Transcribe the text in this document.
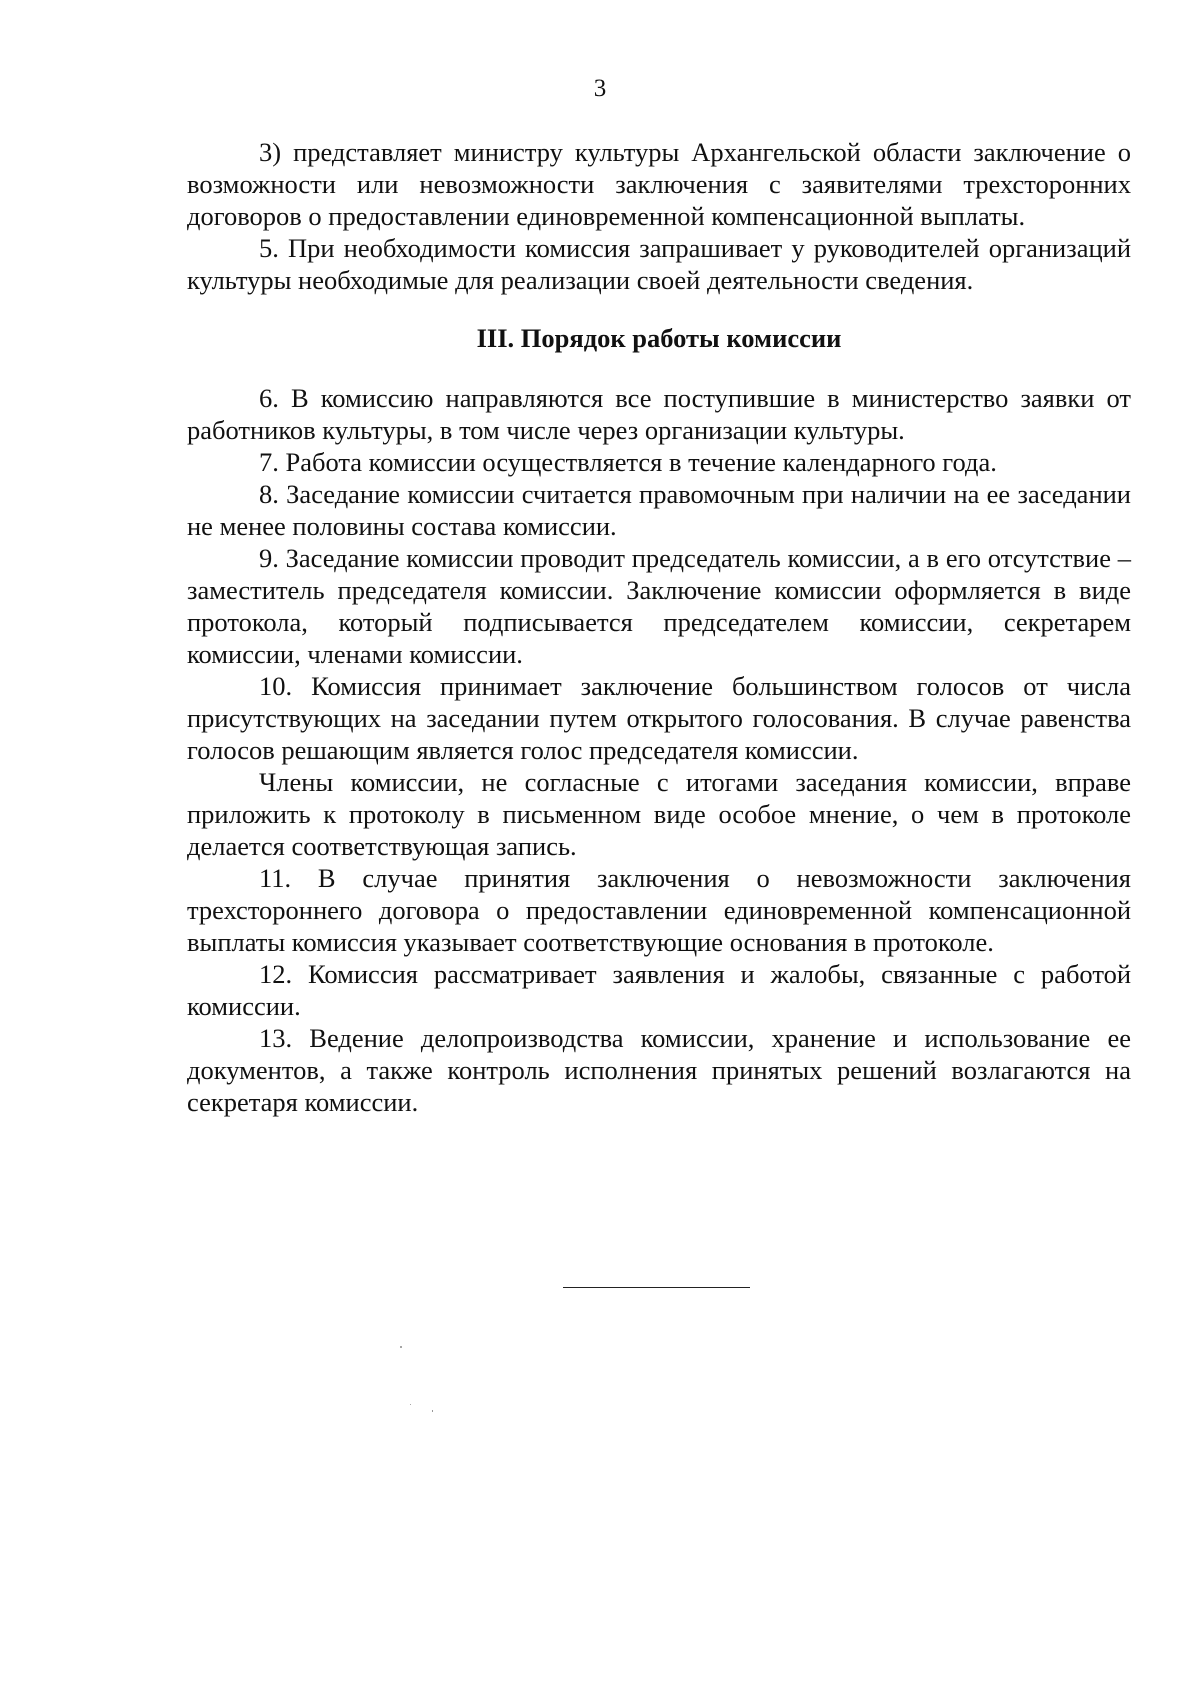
3

3) представляет министру культуры Архангельской области заключение о возможности или невозможности заключения с заявителями трехсторонних договоров о предоставлении единовременной компенсационной выплаты.

5. При необходимости комиссия запрашивает у руководителей организаций культуры необходимые для реализации своей деятельности сведения.

III. Порядок работы комиссии

6. В комиссию направляются все поступившие в министерство заявки от работников культуры, в том числе через организации культуры.

7. Работа комиссии осуществляется в течение календарного года.

8. Заседание комиссии считается правомочным при наличии на ее заседании не менее половины состава комиссии.

9. Заседание комиссии проводит председатель комиссии, а в его отсутствие – заместитель председателя комиссии. Заключение комиссии оформляется в виде протокола, который подписывается председателем комиссии, секретарем комиссии, членами комиссии.

10. Комиссия принимает заключение большинством голосов от числа присутствующих на заседании путем открытого голосования. В случае равенства голосов решающим является голос председателя комиссии.

Члены комиссии, не согласные с итогами заседания комиссии, вправе приложить к протоколу в письменном виде особое мнение, о чем в протоколе делается соответствующая запись.

11. В случае принятия заключения о невозможности заключения трехстороннего договора о предоставлении единовременной компенсационной выплаты комиссия указывает соответствующие основания в протоколе.

12. Комиссия рассматривает заявления и жалобы, связанные с работой комиссии.

13. Ведение делопроизводства комиссии, хранение и использование ее документов, а также контроль исполнения принятых решений возлагаются на секретаря комиссии.
